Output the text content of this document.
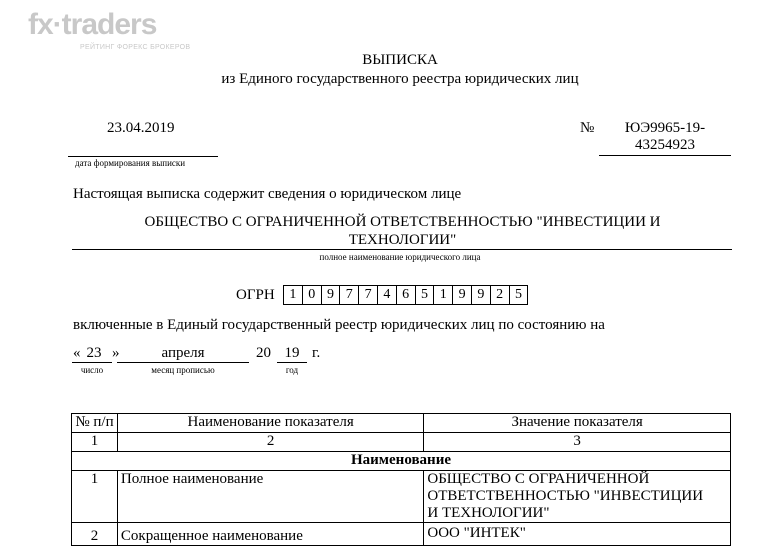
fx·traders
РЕЙТИНГ ФОРЕКС БРОКЕРОВ
ВЫПИСКА
из Единого государственного реестра юридических лиц
23.04.2019
дата формирования выписки
№	ЮЭ9965-19-
43254923
Настоящая выписка содержит сведения о юридическом лице
ОБЩЕСТВО С ОГРАНИЧЕННОЙ ОТВЕТСТВЕННОСТЬЮ "ИНВЕСТИЦИИ И
ТЕХНОЛОГИИ"
полное наименование юридического лица
ОГРН	1 0 9 7 7 4 6 5 1 9 9 2 5
включенные в Единый государственный реестр юридических лиц по состоянию на
« 23 »	апреля	20 19 г.
число	месяц прописью	год
№ п/п	Наименование показателя	Значение показателя
1	2	3
Наименование		
1	Полное наименование	ОБЩЕСТВО С ОГРАНИЧЕННОЙ
ОТВЕТСТВЕННОСТЬЮ "ИНВЕСТИЦИИ
И ТЕХНОЛОГИИ"

2	Сокращенное наименование	ООО "ИНТЕК"
